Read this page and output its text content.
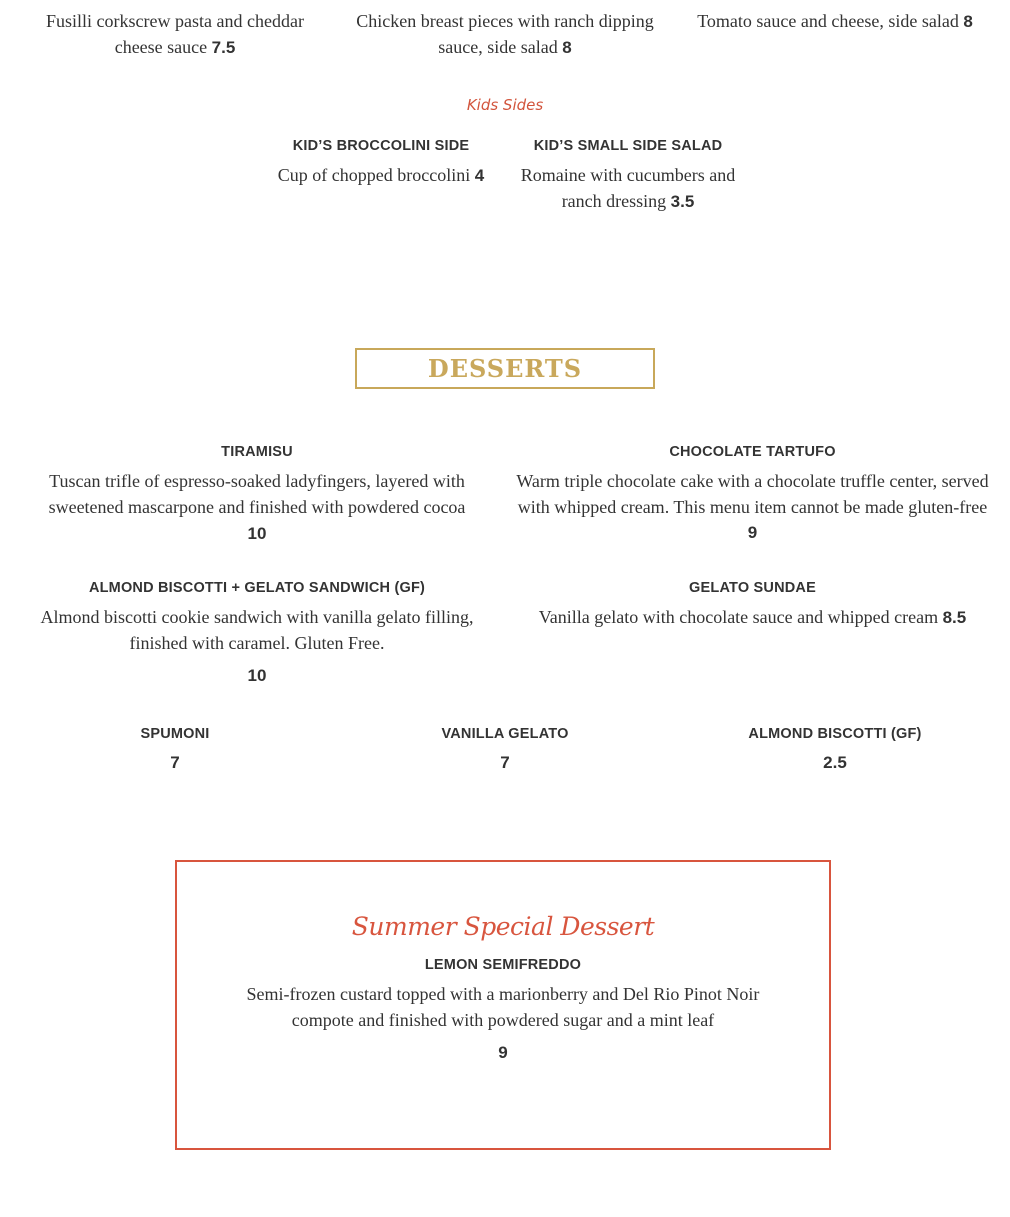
Fusilli corkscrew pasta and cheddar cheese sauce 7.5

Chicken breast pieces with ranch dipping sauce, side salad 8

Tomato sauce and cheese, side salad 8

Kids Sides
KID’S BROCCOLINI SIDE

Cup of chopped broccolini 4

KID’S SMALL SIDE SALAD

Romaine with cucumbers and ranch dressing 3.5

DESSERTS
TIRAMISU

Tuscan trifle of espresso-soaked ladyfingers, layered with sweetened mascarpone and finished with powdered cocoa 10

CHOCOLATE TARTUFO

Warm triple chocolate cake with a chocolate truffle center, served with whipped cream. This menu item cannot be made gluten-free

9
ALMOND BISCOTTI + GELATO SANDWICH (GF)

Almond biscotti cookie sandwich with vanilla gelato filling, finished with caramel. Gluten Free.

10
GELATO SUNDAE

Vanilla gelato with chocolate sauce and whipped cream 8.5

SPUMONI
7
VANILLA GELATO
7
ALMOND BISCOTTI (GF)
2.5
Summer Special Dessert
LEMON SEMIFREDDO

Semi-frozen custard topped with a marionberry and Del Rio Pinot Noir compote and finished with powdered sugar and a mint leaf

9
